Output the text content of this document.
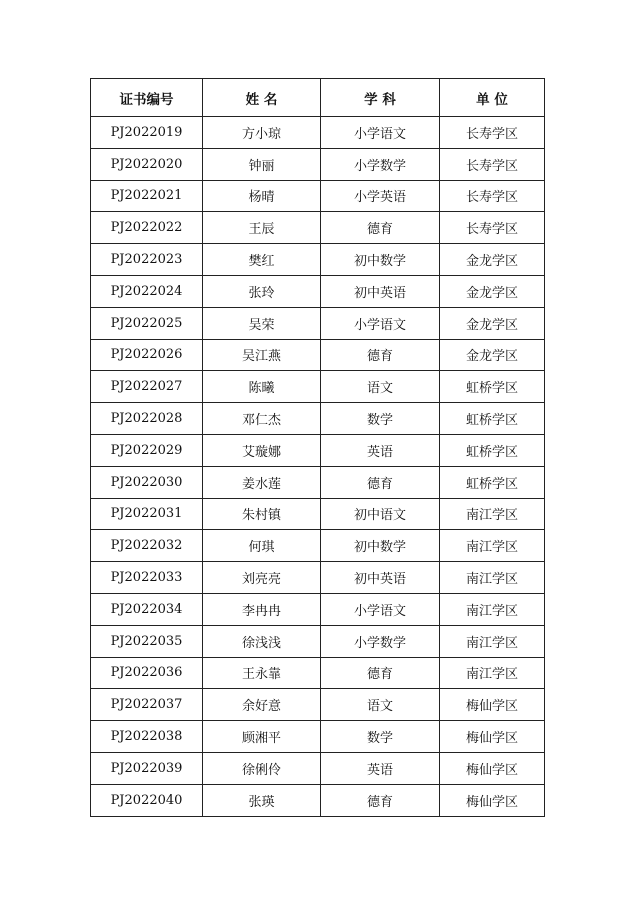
证书编号	姓 名	学 科	单 位
PJ2022019	方小琼	小学语文	长寿学区
PJ2022020	钟丽	小学数学	长寿学区
PJ2022021	杨晴	小学英语	长寿学区
PJ2022022	王辰	德育	长寿学区
PJ2022023	樊红	初中数学	金龙学区
PJ2022024	张玲	初中英语	金龙学区
PJ2022025	吴荣	小学语文	金龙学区
PJ2022026	吴江燕	德育	金龙学区
PJ2022027	陈曦	语文	虹桥学区
PJ2022028	邓仁杰	数学	虹桥学区
PJ2022029	艾璇娜	英语	虹桥学区
PJ2022030	姜水莲	德育	虹桥学区
PJ2022031	朱村镇	初中语文	南江学区
PJ2022032	何琪	初中数学	南江学区
PJ2022033	刘亮亮	初中英语	南江学区
PJ2022034	李冉冉	小学语文	南江学区
PJ2022035	徐浅浅	小学数学	南江学区
PJ2022036	王永靠	德育	南江学区
PJ2022037	余好意	语文	梅仙学区
PJ2022038	顾湘平	数学	梅仙学区
PJ2022039	徐俐伶	英语	梅仙学区
PJ2022040	张瑛	德育	梅仙学区
